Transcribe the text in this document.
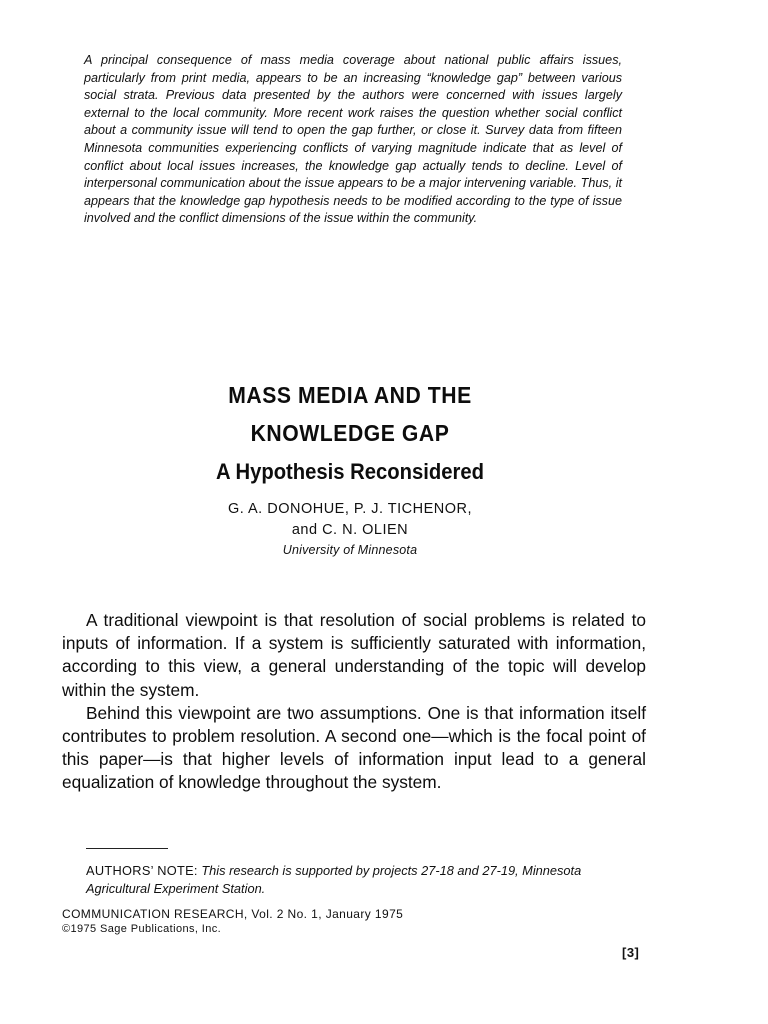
A principal consequence of mass media coverage about national public affairs issues, particularly from print media, appears to be an increasing “knowledge gap” between various social strata. Previous data presented by the authors were concerned with issues largely external to the local community. More recent work raises the question whether social conflict about a community issue will tend to open the gap further, or close it. Survey data from fifteen Minnesota communities experiencing conflicts of varying magnitude indicate that as level of conflict about local issues increases, the knowledge gap actually tends to decline. Level of interpersonal communication about the issue appears to be a major intervening variable. Thus, it appears that the knowledge gap hypothesis needs to be modified according to the type of issue involved and the conflict dimensions of the issue within the community.

MASS MEDIA AND THE
KNOWLEDGE GAP
A Hypothesis Reconsidered
G. A. DONOHUE, P. J. TICHENOR,
and C. N. OLIEN
University of Minnesota

A traditional viewpoint is that resolution of social problems is related to inputs of information. If a system is sufficiently saturated with information, according to this view, a general understanding of the topic will develop within the system.

Behind this viewpoint are two assumptions. One is that information itself contributes to problem resolution. A second one—which is the focal point of this paper—is that higher levels of information input lead to a general equalization of knowledge throughout the system.

AUTHORS’ NOTE: This research is supported by projects 27-18 and 27-19, Minnesota Agricultural Experiment Station.
COMMUNICATION RESEARCH, Vol. 2 No. 1, January 1975
©1975 Sage Publications, Inc.
[3]
